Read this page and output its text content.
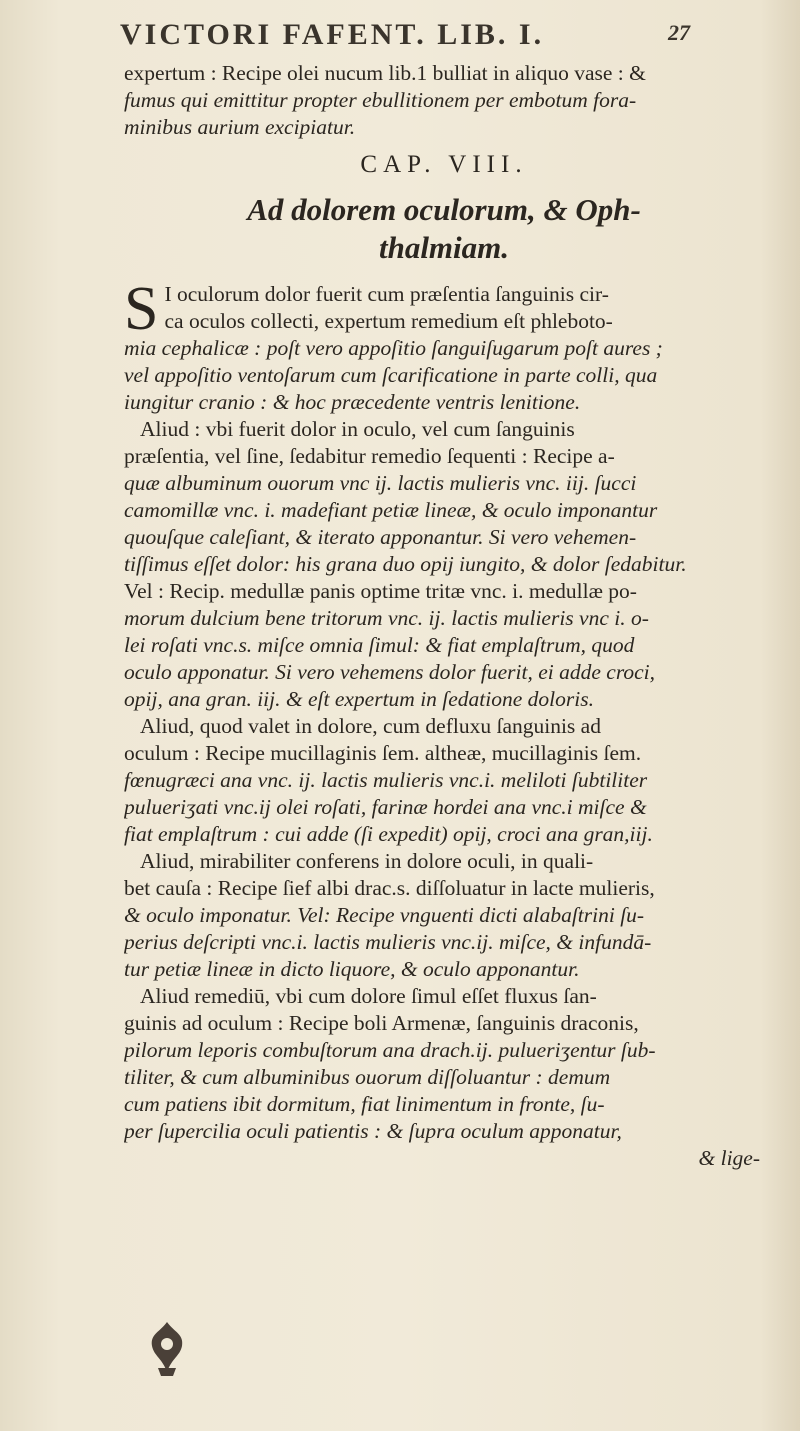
VICTORI FAFENT. LIB. I.	27
expertum : Recipe olei nucum lib.1 bulliat in aliquo vase : &
fumus qui emittitur propter ebullitionem per embotum fora-
minibus aurium excipiatur.
CAP. VIII.
Ad dolorem oculorum, & Oph-
thalmiam.
S I oculorum dolor fuerit cum præſentia ſanguinis cir-
ca oculos collecti, expertum remedium eſt phleboto-
mia cephalicæ : poſt vero appoſitio ſanguiſugarum poſt aures ;
vel appoſitio ventoſarum cum ſcarificatione in parte colli, qua
iungitur cranio : & hoc præcedente ventris lenitione.
Aliud : vbi fuerit dolor in oculo, vel cum ſanguinis
præſentia, vel ſine, ſedabitur remedio ſequenti : Recipe a-
quæ albuminum ouorum vnc ij. lactis mulieris vnc. iij. ſucci
camomillæ vnc. i. madefiant petiæ lineæ, & oculo imponantur
quouſque caleſiant, & iterato apponantur. Si vero vehemen-
tiſſimus eſſet dolor: his grana duo opij iungito, & dolor ſedabitur.
Vel : Recip. medullæ panis optime tritæ vnc. i. medullæ po-
morum dulcium bene tritorum vnc. ij. lactis mulieris vnc i. o-
lei roſati vnc.s. miſce omnia ſimul: & fiat emplaſtrum, quod
oculo apponatur. Si vero vehemens dolor fuerit, ei adde croci,
opij, ana gran. iij. & eſt expertum in ſedatione doloris.
Aliud, quod valet in dolore, cum defluxu ſanguinis ad
oculum : Recipe mucillaginis ſem. altheæ, mucillaginis ſem.
fœnugræci ana vnc. ij. lactis mulieris vnc.i. meliloti ſubtiliter
pulueriʒati vnc.ij olei roſati, farinæ hordei ana vnc.i miſce &
fiat emplaſtrum : cui adde (ſi expedit) opij, croci ana gran,iij.
Aliud, mirabiliter conferens in dolore oculi, in quali-
bet cauſa : Recipe ſief albi drac.s. diſſoluatur in lacte mulieris,
& oculo imponatur. Vel: Recipe vnguenti dicti alabaſtrini ſu-
perius deſcripti vnc.i. lactis mulieris vnc.ij. miſce, & infundā-
tur petiæ lineæ in dicto liquore, & oculo apponantur.
Aliud remediū, vbi cum dolore ſimul eſſet fluxus ſan-
guinis ad oculum : Recipe boli Armenæ, ſanguinis draconis,
pilorum leporis combuſtorum ana drach.ij. pulueriʒentur ſub-
tiliter, & cum albuminibus ouorum diſſoluantur : demum
cum patiens ibit dormitum, fiat linimentum in fronte, ſu-
per ſupercilia oculi patientis : & ſupra oculum apponatur,
& lige-
